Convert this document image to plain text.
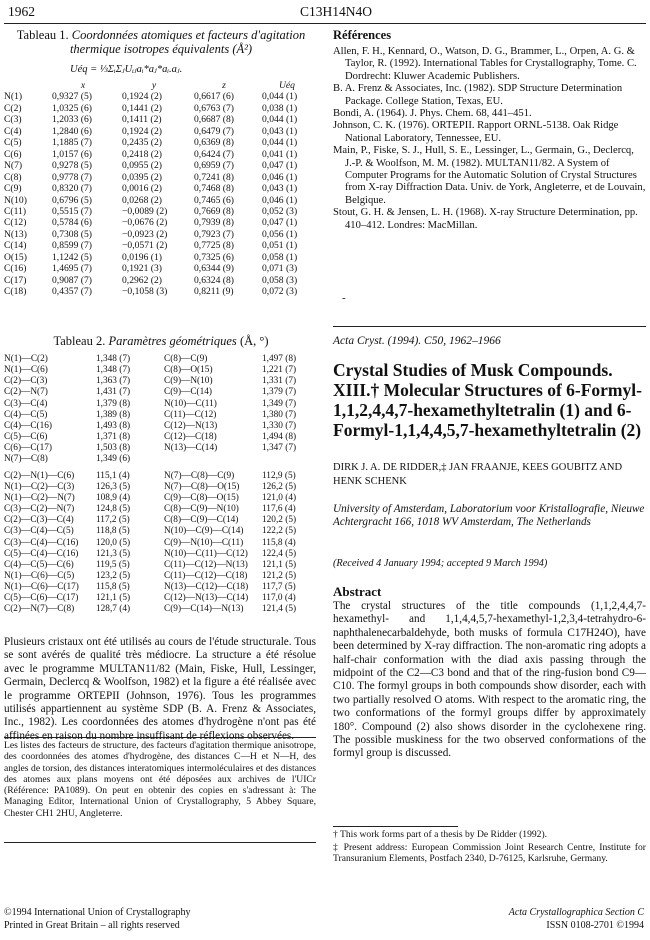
1962	C13H14N4O
Tableau 1. Coordonnées atomiques et facteurs d'agitation thermique isotropes équivalents (Å²)
Uéq = ⅓ΣᵢΣⱼUᵢⱼaᵢ*aⱼ*aᵢ.aⱼ.
	x	y	z	Uéq
N(1)	0,9327 (5)	0,1924 (2)	0,6617 (6)	0,044 (1)
C(2)	1,0325 (6)	0,1441 (2)	0,6763 (7)	0,038 (1)
C(3)	1,2033 (6)	0,1411 (2)	0,6687 (8)	0,044 (1)
C(4)	1,2840 (6)	0,1924 (2)	0,6479 (7)	0,043 (1)
C(5)	1,1885 (7)	0,2435 (2)	0,6369 (8)	0,044 (1)
C(6)	1,0157 (6)	0,2418 (2)	0,6424 (7)	0,041 (1)
N(7)	0,9278 (5)	0,0955 (2)	0,6959 (7)	0,047 (1)
C(8)	0,9778 (7)	0,0395 (2)	0,7241 (8)	0,046 (1)
C(9)	0,8320 (7)	0,0016 (2)	0,7468 (8)	0,043 (1)
N(10)	0,6796 (5)	0,0268 (2)	0,7465 (6)	0,046 (1)
C(11)	0,5515 (7)	−0,0089 (2)	0,7669 (8)	0,052 (3)
C(12)	0,5784 (6)	−0,0676 (2)	0,7939 (8)	0,047 (1)
N(13)	0,7308 (5)	−0,0923 (2)	0,7923 (7)	0,056 (1)
C(14)	0,8599 (7)	−0,0571 (2)	0,7725 (8)	0,051 (1)
O(15)	1,1242 (5)	0,0196 (1)	0,7325 (6)	0,058 (1)
C(16)	1,4695 (7)	0,1921 (3)	0,6344 (9)	0,071 (3)
C(17)	0,9087 (7)	0,2962 (2)	0,6324 (8)	0,058 (3)
C(18)	0,4357 (7)	−0,1058 (3)	0,8211 (9)	0,072 (3)
Tableau 2. Paramètres géométriques (Å, °)
N(1)—C(2)	1,348 (7)	C(8)—C(9)	1,497 (8)
N(1)—C(6)	1,348 (7)	C(8)—O(15)	1,221 (7)
C(2)—C(3)	1,363 (7)	C(9)—N(10)	1,331 (7)
C(2)—N(7)	1,431 (7)	C(9)—C(14)	1,379 (7)
C(3)—C(4)	1,379 (8)	N(10)—C(11)	1,349 (7)
C(4)—C(5)	1,389 (8)	C(11)—C(12)	1,380 (7)
C(4)—C(16)	1,493 (8)	C(12)—N(13)	1,330 (7)
C(5)—C(6)	1,371 (8)	C(12)—C(18)	1,494 (8)
C(6)—C(17)	1,503 (8)	N(13)—C(14)	1,347 (7)
N(7)—C(8)	1,349 (6)		
C(2)—N(1)—C(6)	115,1 (4)	N(7)—C(8)—C(9)	112,9 (5)
N(1)—C(2)—C(3)	126,3 (5)	N(7)—C(8)—O(15)	126,2 (5)
N(1)—C(2)—N(7)	108,9 (4)	C(9)—C(8)—O(15)	121,0 (4)
C(3)—C(2)—N(7)	124,8 (5)	C(8)—C(9)—N(10)	117,6 (4)
C(2)—C(3)—C(4)	117,2 (5)	C(8)—C(9)—C(14)	120,2 (5)
C(3)—C(4)—C(5)	118,8 (5)	N(10)—C(9)—C(14)	122,2 (5)
C(3)—C(4)—C(16)	120,0 (5)	C(9)—N(10)—C(11)	115,8 (4)
C(5)—C(4)—C(16)	121,3 (5)	N(10)—C(11)—C(12)	122,4 (5)
C(4)—C(5)—C(6)	119,5 (5)	C(11)—C(12)—N(13)	121,1 (5)
N(1)—C(6)—C(5)	123,2 (5)	C(11)—C(12)—C(18)	121,2 (5)
N(1)—C(6)—C(17)	115,8 (5)	N(13)—C(12)—C(18)	117,7 (5)
C(5)—C(6)—C(17)	121,1 (5)	C(12)—N(13)—C(14)	117,0 (4)
C(2)—N(7)—C(8)	128,7 (4)	C(9)—C(14)—N(13)	121,4 (5)
Plusieurs cristaux ont été utilisés au cours de l'étude structurale. Tous se sont avérés de qualité très médiocre. La structure a été résolue avec le programme MULTAN11/82 (Main, Fiske, Hull, Lessinger, Germain, Declercq & Woolfson, 1982) et la figure a été réalisée avec le programme ORTEPII (Johnson, 1976). Tous les programmes utilisés appartiennent au système SDP (B. A. Frenz & Associates, Inc., 1982). Les coordonnées des atomes d'hydrogène n'ont pas été affinées en raison du nombre insuffisant de réflexions observées.
Les listes des facteurs de structure, des facteurs d'agitation thermique anisotrope, des coordonnées des atomes d'hydrogène, des distances C—H et N—H, des angles de torsion, des distances interatomiques intermoléculaires et des distances des atomes aux plans moyens ont été déposées aux archives de l'UICr (Référence: PA1089). On peut en obtenir des copies en s'adressant à: The Managing Editor, International Union of Crystallography, 5 Abbey Square, Chester CH1 2HU, Angleterre.
Références
Allen, F. H., Kennard, O., Watson, D. G., Brammer, L., Orpen, A. G. & Taylor, R. (1992). International Tables for Crystallography, Tome. C. Dordrecht: Kluwer Academic Publishers.
B. A. Frenz & Associates, Inc. (1982). SDP Structure Determination Package. College Station, Texas, EU.
Bondi, A. (1964). J. Phys. Chem. 68, 441–451.
Johnson, C. K. (1976). ORTEPII. Rapport ORNL-5138. Oak Ridge National Laboratory, Tennessee, EU.
Main, P., Fiske, S. J., Hull, S. E., Lessinger, L., Germain, G., Declercq, J.-P. & Woolfson, M. M. (1982). MULTAN11/82. A System of Computer Programs for the Automatic Solution of Crystal Structures from X-ray Diffraction Data. Univ. de York, Angleterre, et de Louvain, Belgique.
Stout, G. H. & Jensen, L. H. (1968). X-ray Structure Determination, pp. 410–412. Londres: MacMillan.
-
Acta Cryst. (1994). C50, 1962–1966
Crystal Studies of Musk Compounds. XIII.† Molecular Structures of 6-Formyl-1,1,2,4,4,7-hexamethyltetralin (1) and 6-Formyl-1,1,4,4,5,7-hexamethyltetralin (2)
DIRK J. A. DE RIDDER,‡ JAN FRAANJE, KEES GOUBITZ AND HENK SCHENK
University of Amsterdam, Laboratorium voor Kristallografie, Nieuwe Achtergracht 166, 1018 WV Amsterdam, The Netherlands
(Received 4 January 1994; accepted 9 March 1994)
Abstract
The crystal structures of the title compounds (1,1,2,4,4,7-hexamethyl- and 1,1,4,4,5,7-hexamethyl-1,2,3,4-tetrahydro-6-naphthalenecarbaldehyde, both musks of formula C17H24O), have been determined by X-ray diffraction. The non-aromatic ring adopts a half-chair conformation with the diad axis passing through the midpoint of the C2—C3 bond and that of the ring-fusion bond C9—C10. The formyl groups in both compounds show disorder, each with two partially resolved O atoms. With respect to the aromatic ring, the two conformations of the formyl groups differ by approximately 180°. Compound (2) also shows disorder in the cyclohexene ring. The possible muskiness for the two observed conformations of the formyl group is discussed.
† This work forms part of a thesis by De Ridder (1992).
‡ Present address: European Commission Joint Research Centre, Institute for Transuranium Elements, Postfach 2340, D-76125, Karlsruhe, Germany.
©1994 International Union of Crystallography
Printed in Great Britain – all rights reserved
Acta Crystallographica Section C
ISSN 0108-2701 ©1994
